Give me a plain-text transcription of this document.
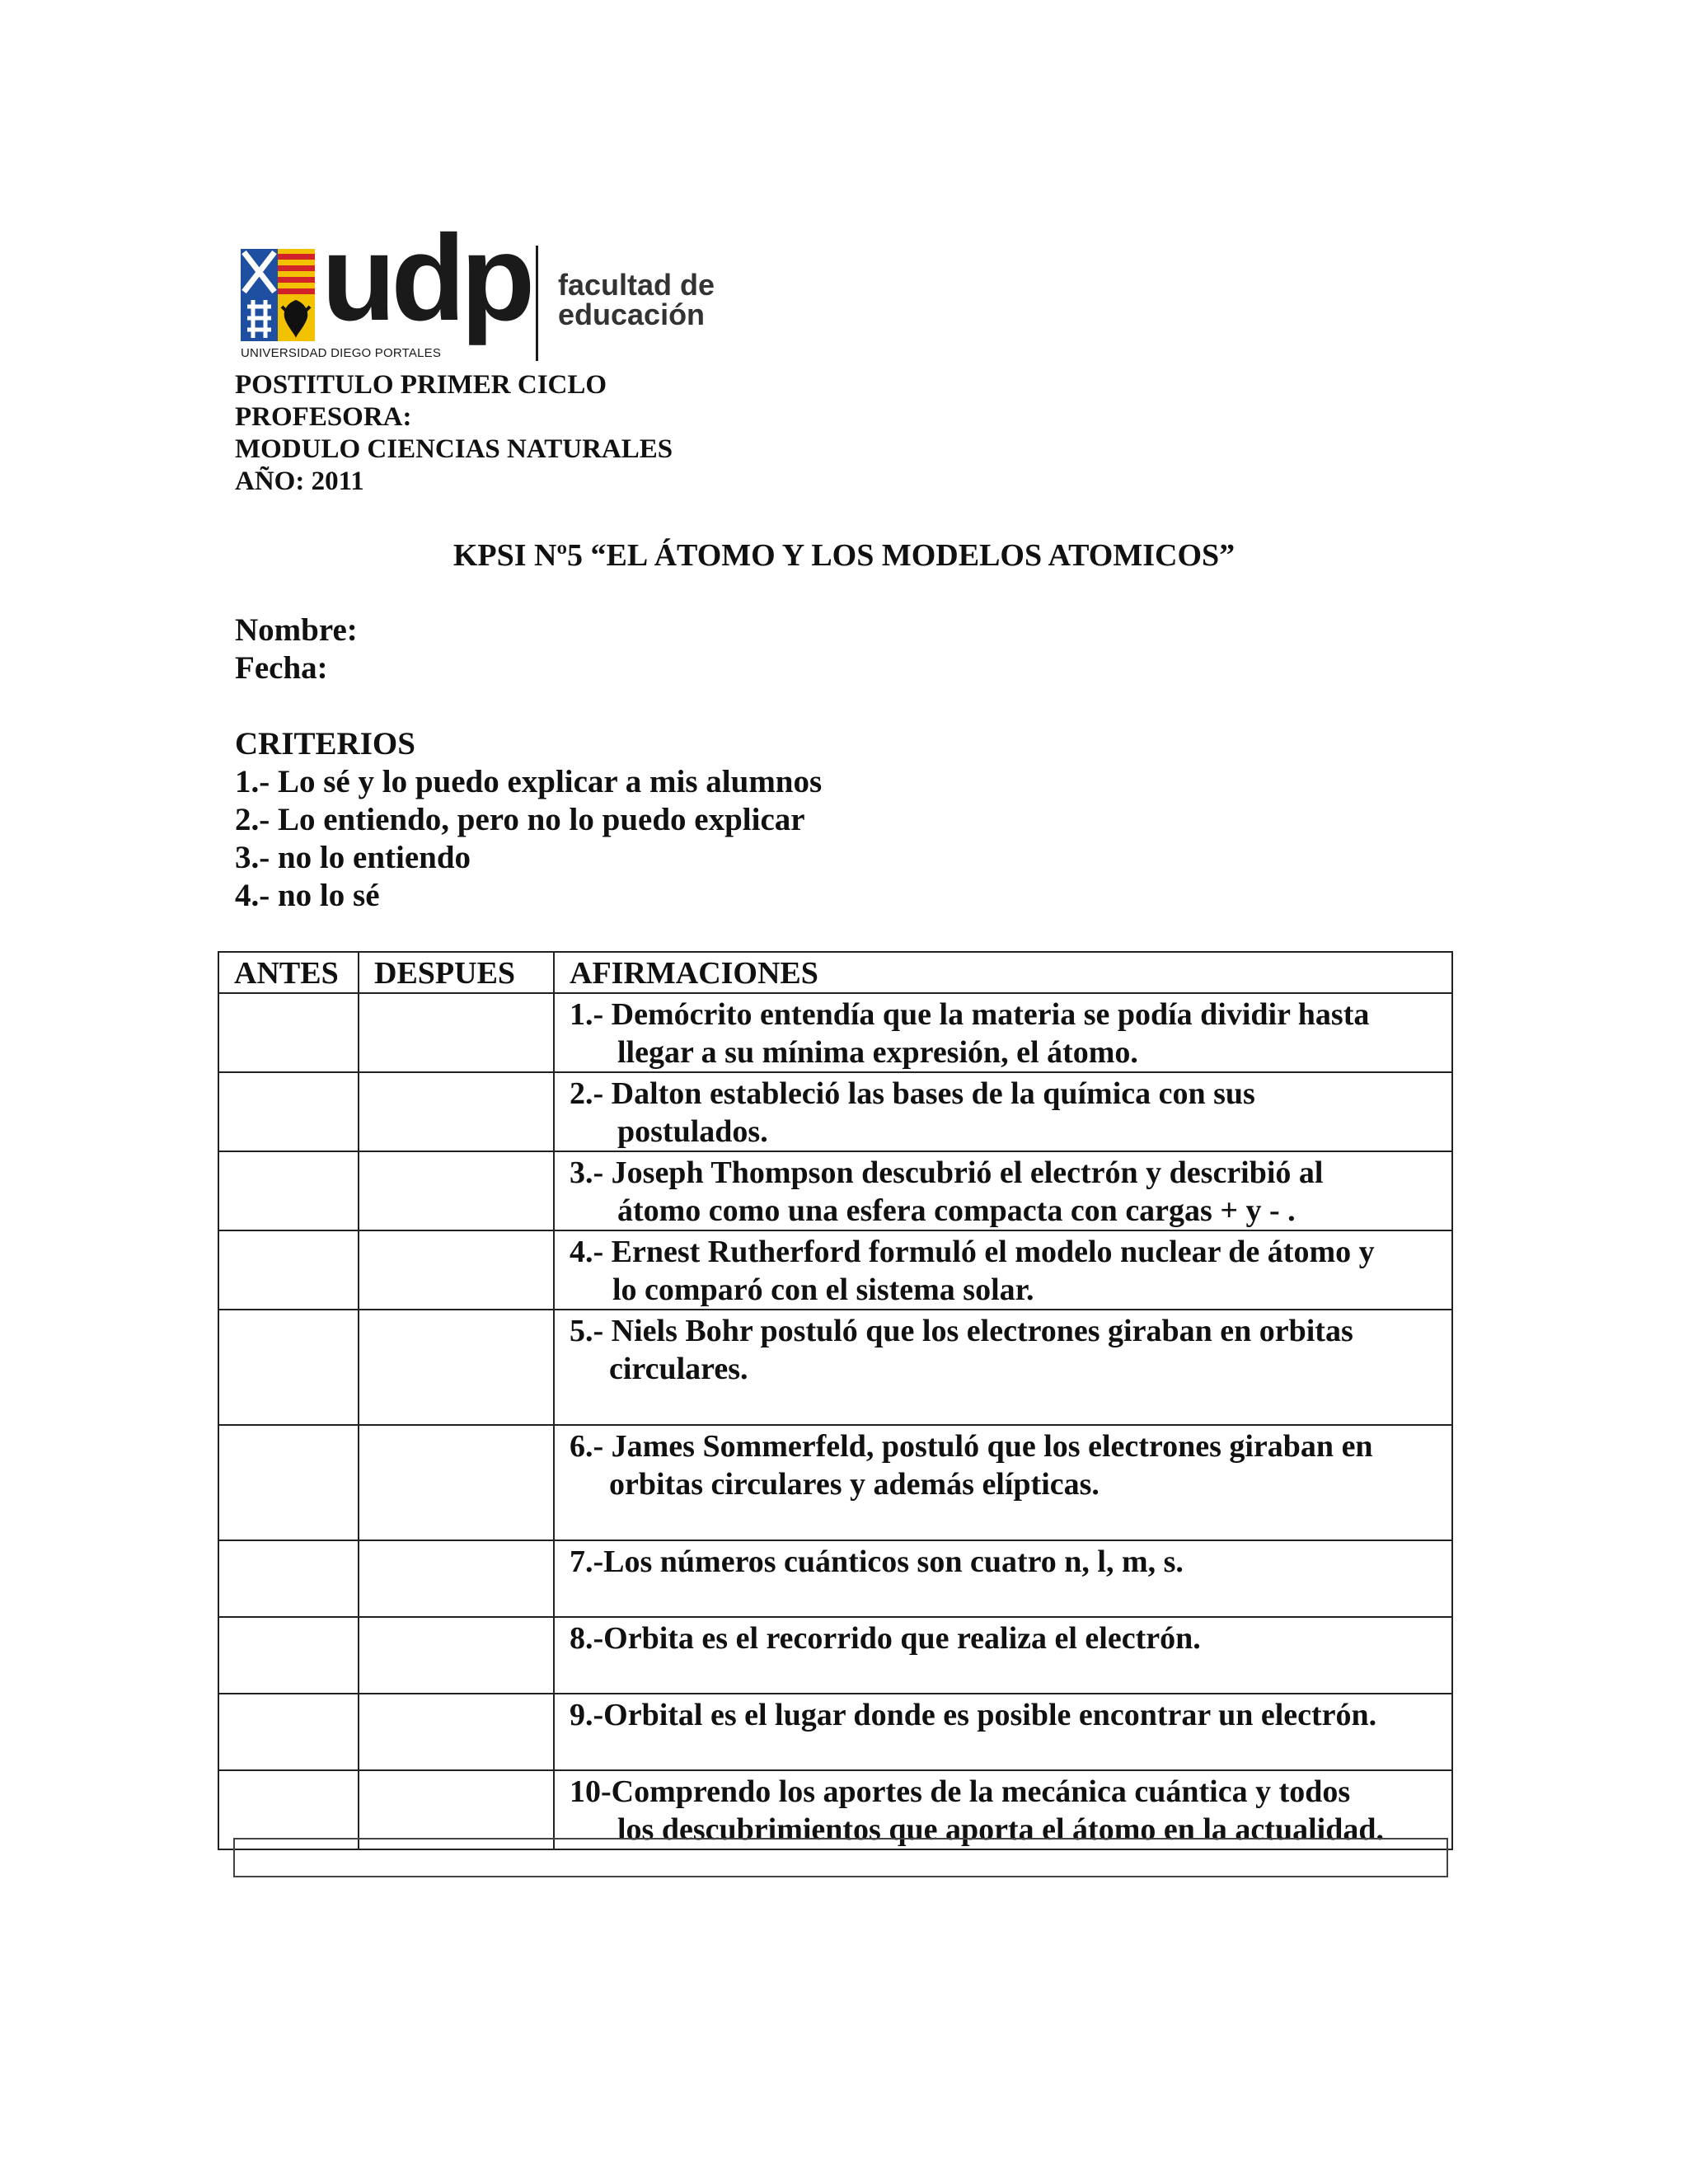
udp
UNIVERSIDAD DIEGO PORTALES
facultad de
educación
POSTITULO PRIMER CICLO
PROFESORA:
MODULO CIENCIAS NATURALES
AÑO: 2011
KPSI Nº5 “EL ÁTOMO Y LOS MODELOS ATOMICOS”
Nombre:
Fecha:
CRITERIOS
1.- Lo sé y lo puedo explicar a mis alumnos
2.- Lo entiendo, pero no lo puedo explicar
3.- no lo entiendo
4.- no lo sé
ANTES	DESPUES	AFIRMACIONES
		1.- Demócrito entendía que la materia se podía dividir hasta
llegar a su mínima expresión, el átomo.

		2.- Dalton estableció las bases de la química con sus
postulados.

		3.- Joseph Thompson descubrió el electrón y describió al
átomo como una esfera compacta con cargas + y - .

		4.- Ernest Rutherford formuló el modelo nuclear de átomo y
lo comparó con el sistema solar.

		5.- Niels Bohr postuló que los electrones giraban en orbitas
circulares.

		6.- James Sommerfeld, postuló que los electrones giraban en
orbitas circulares y además elípticas.

		7.-Los números cuánticos son cuatro n, l, m, s.
		8.-Orbita es el recorrido que realiza el electrón.
		9.-Orbital es el lugar donde es posible encontrar un electrón.
		10-Comprendo los aportes de la mecánica cuántica y todos
los descubrimientos que aporta el átomo en la actualidad.
